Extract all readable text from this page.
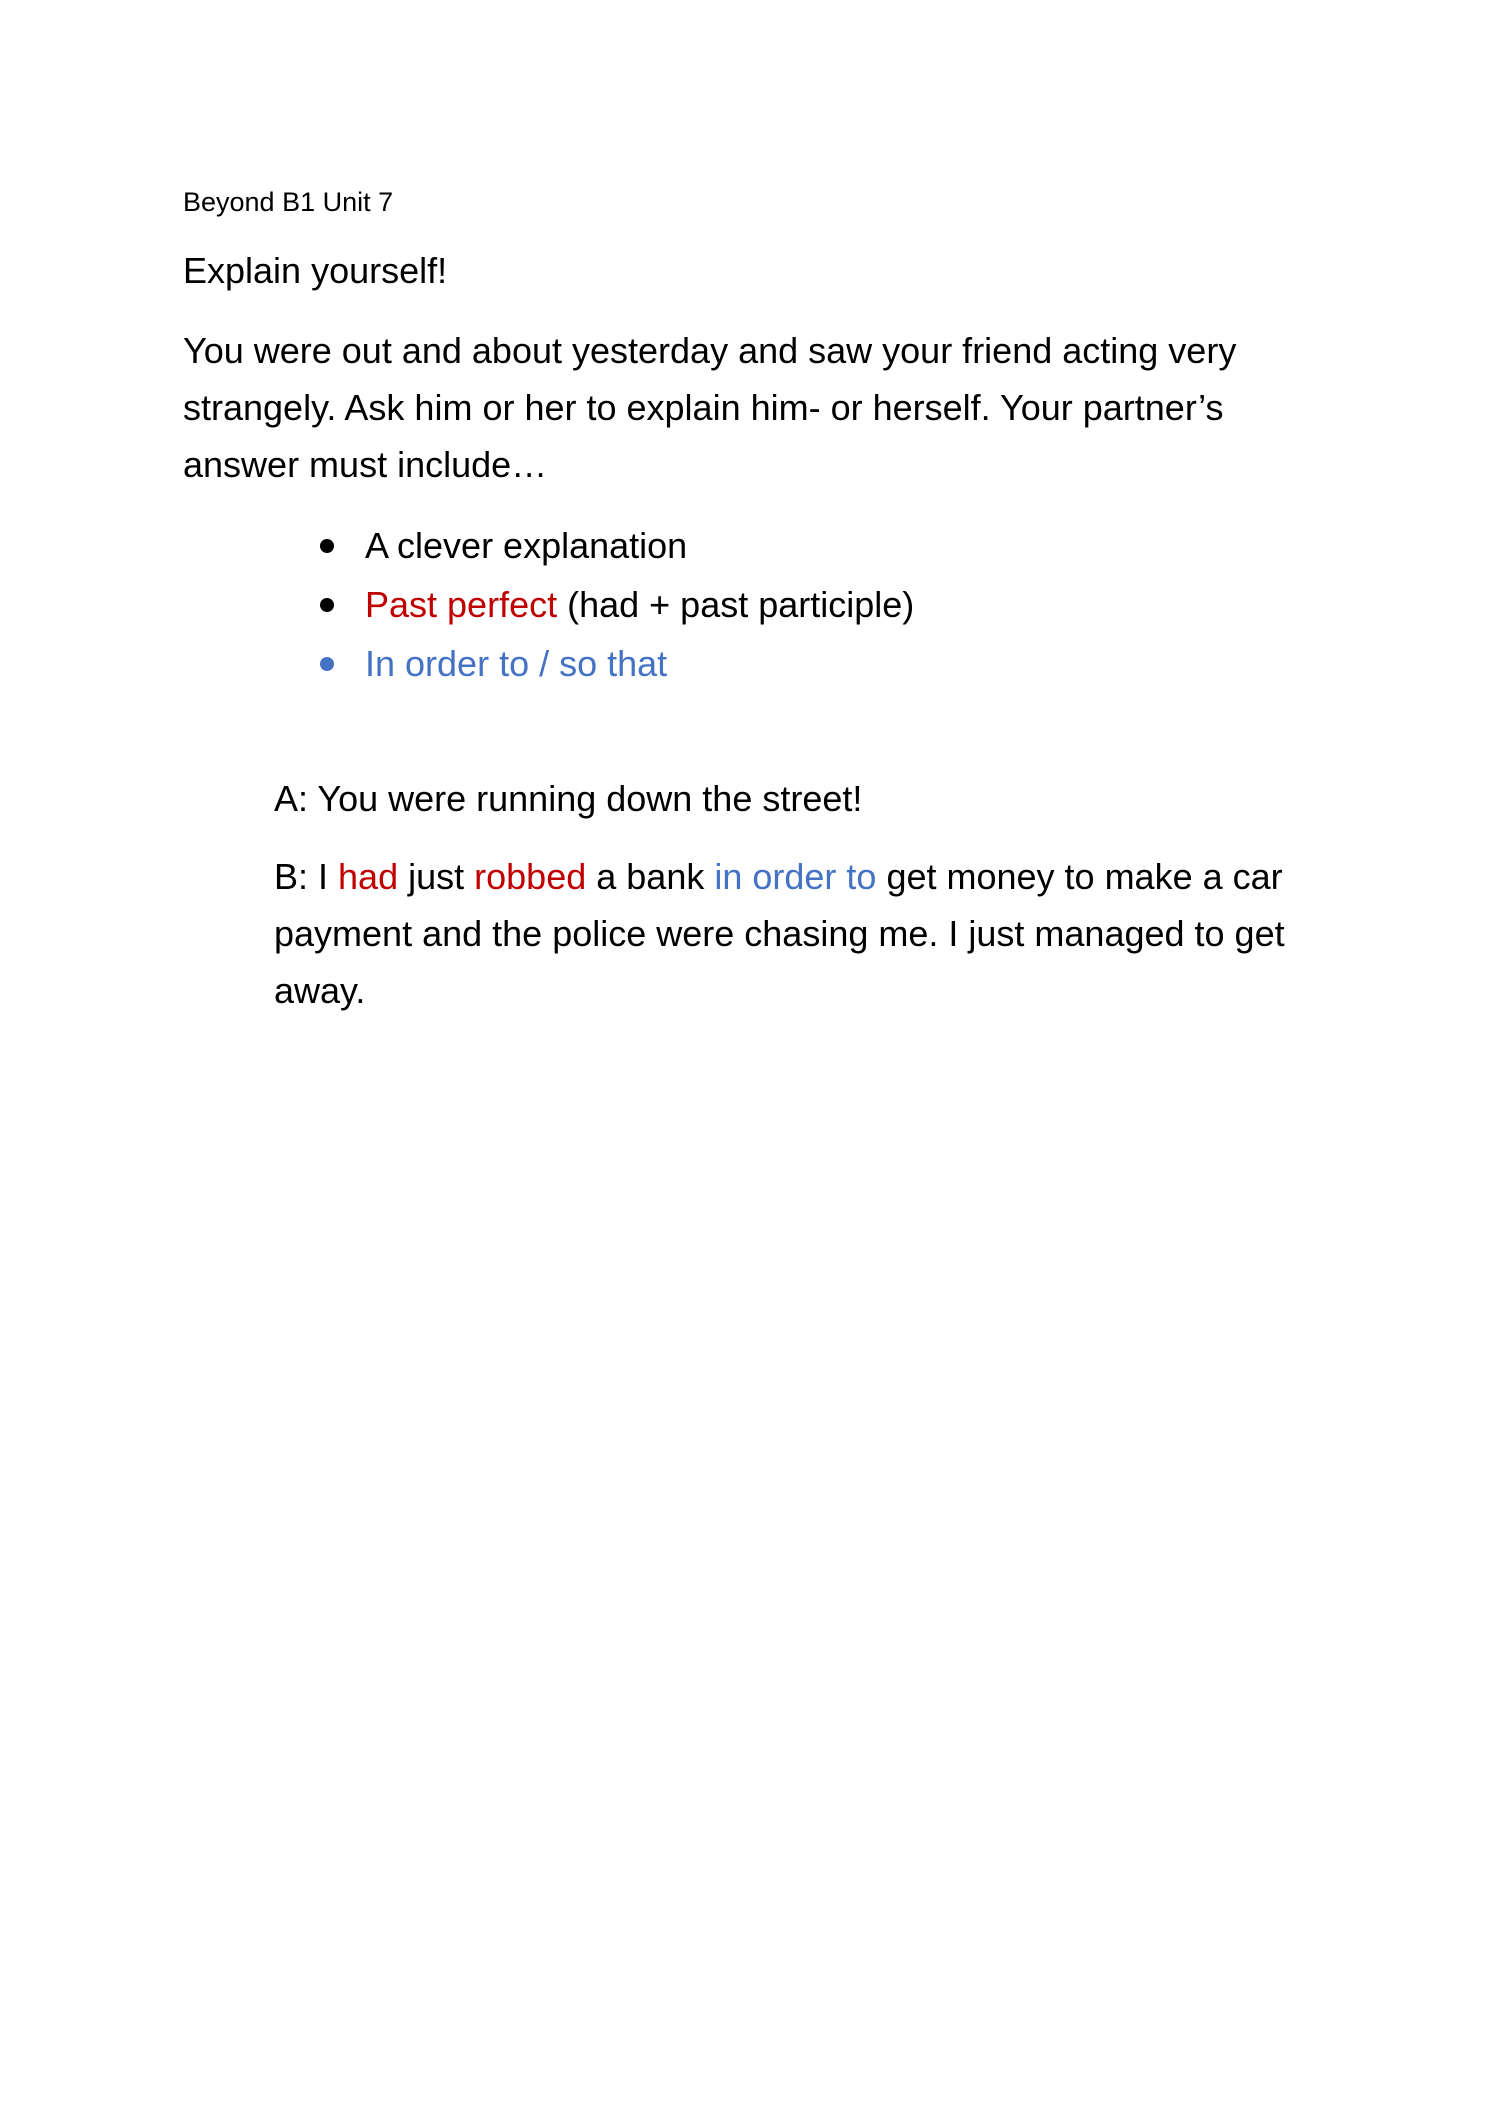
Beyond B1 Unit 7
Explain yourself!
You were out and about yesterday and saw your friend acting very
strangely. Ask him or her to explain him- or herself. Your partner’s
answer must include…
A clever explanation
Past perfect (had + past participle)
In order to / so that
A: You were running down the street!
B: I had just robbed a bank in order to get money to make a car
payment and the police were chasing me. I just managed to get
away.
